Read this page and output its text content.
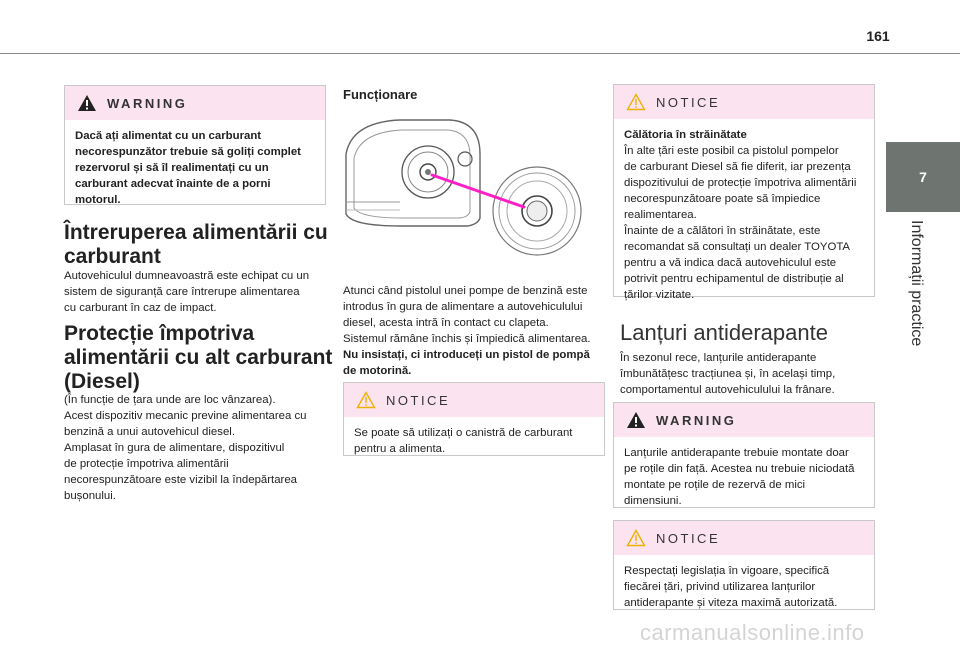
161
7
Informații practice
WARNING
Dacă ați alimentat cu un carburant
necorespunzător trebuie să goliți complet
rezervorul și să îl realimentați cu un
carburant adecvat înainte de a porni
motorul.
Întreruperea alimentării cu
carburant
Autovehiculul dumneavoastră este echipat cu un
sistem de siguranță care întrerupe alimentarea
cu carburant în caz de impact.
Protecție împotriva
alimentării cu alt carburant
(Diesel)
(În funcție de țara unde are loc vânzarea).
Acest dispozitiv mecanic previne alimentarea cu
benzină a unui autovehicul diesel.
Amplasat în gura de alimentare, dispozitivul
de protecție împotriva alimentării
necorespunzătoare este vizibil la îndepărtarea
bușonului.
Funcționare
Atunci când pistolul unei pompe de benzină este
introdus în gura de alimentare a autovehiculului
diesel, acesta intră în contact cu clapeta.
Sistemul rămâne închis și împiedică alimentarea.
Nu insistați, ci introduceți un pistol de pompă
de motorină.
NOTICE
Se poate să utilizați o canistră de carburant
pentru a alimenta.
NOTICE
Călătoria în străinătate
În alte țări este posibil ca pistolul pompelor
de carburant Diesel să fie diferit, iar prezența
dispozitivului de protecție împotriva alimentării
necorespunzătoare poate să împiedice
realimentarea.
Înainte de a călători în străinătate, este
recomandat să consultați un dealer TOYOTA
pentru a vă indica dacă autovehiculul este
potrivit pentru echipamentul de distribuție al
țărilor vizitate.
Lanțuri antiderapante
În sezonul rece, lanțurile antiderapante
îmbunătățesc tracțiunea și, în același timp,
comportamentul autovehiculului la frânare.
WARNING
Lanțurile antiderapante trebuie montate doar
pe roțile din față. Acestea nu trebuie niciodată
montate pe roțile de rezervă de mici
dimensiuni.
NOTICE
Respectați legislația în vigoare, specifică
fiecărei țări, privind utilizarea lanțurilor
antiderapante și viteza maximă autorizată.
carmanualsonline.info
